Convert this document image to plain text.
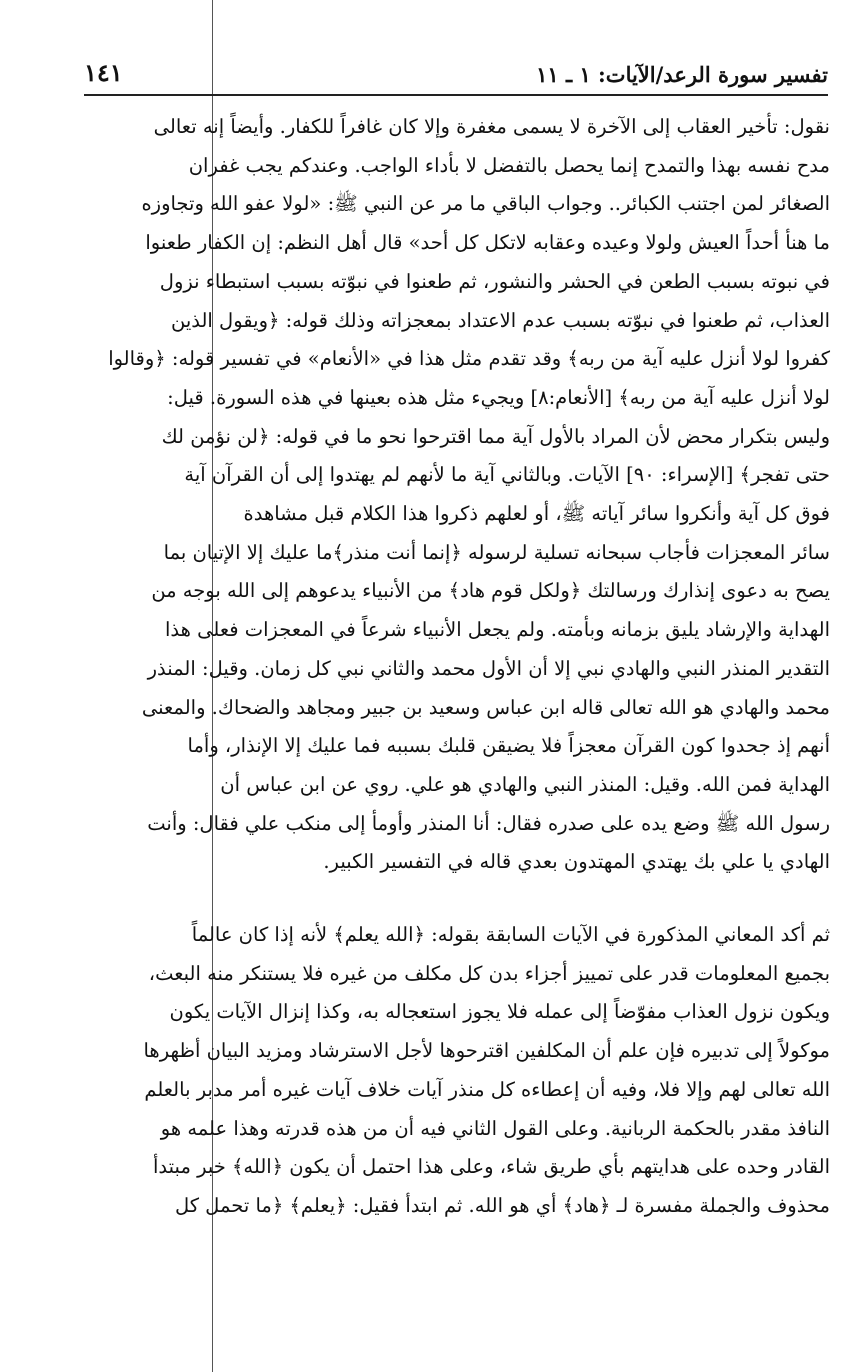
تفسير سورة الرعد/الآيات: ١ ـ ١١
١٤١

نقول: تأخير العقاب إلى الآخرة لا يسمى مغفرة وإلا كان غافراً للكفار. وأيضاً إنه تعالى
مدح نفسه بهذا والتمدح إنما يحصل بالتفضل لا بأداء الواجب. وعندكم يجب غفران
الصغائر لمن اجتنب الكبائر.. وجواب الباقي ما مر عن النبي ﷺ: «لولا عفو الله وتجاوزه
ما هنأ أحداً العيش ولولا وعيده وعقابه لاتكل كل أحد» قال أهل النظم: إن الكفار طعنوا
في نبوته بسبب الطعن في الحشر والنشور، ثم طعنوا في نبوّته بسبب استبطاء نزول
العذاب، ثم طعنوا في نبوّته بسبب عدم الاعتداد بمعجزاته وذلك قوله: ﴿ويقول الذين
كفروا لولا أنزل عليه آية من ربه﴾ وقد تقدم مثل هذا في «الأنعام» في تفسير قوله: ﴿وقالوا
لولا أنزل عليه آية من ربه﴾ [الأنعام:٨] ويجيء مثل هذه بعينها في هذه السورة. قيل:
وليس بتكرار محض لأن المراد بالأول آية مما اقترحوا نحو ما في قوله: ﴿لن نؤمن لك
حتى تفجر﴾ [الإسراء: ٩٠] الآيات. وبالثاني آية ما لأنهم لم يهتدوا إلى أن القرآن آية
فوق كل آية وأنكروا سائر آياته ﷺ، أو لعلهم ذكروا هذا الكلام قبل مشاهدة
سائر المعجزات فأجاب سبحانه تسلية لرسوله ﴿إنما أنت منذر﴾ما عليك إلا الإتيان بما
يصح به دعوى إنذارك ورسالتك ﴿ولكل قوم هاد﴾ من الأنبياء يدعوهم إلى الله بوجه من
الهداية والإرشاد يليق بزمانه وبأمته. ولم يجعل الأنبياء شرعاً في المعجزات فعلى هذا
التقدير المنذر النبي والهادي نبي إلا أن الأول محمد والثاني نبي كل زمان. وقيل: المنذر
محمد والهادي هو الله تعالى قاله ابن عباس وسعيد بن جبير ومجاهد والضحاك. والمعنى
أنهم إذ جحدوا كون القرآن معجزاً فلا يضيقن قلبك بسببه فما عليك إلا الإنذار، وأما
الهداية فمن الله. وقيل: المنذر النبي والهادي هو علي. روي عن ابن عباس أن
رسول الله ﷺ وضع يده على صدره فقال: أنا المنذر وأومأ إلى منكب علي فقال: وأنت
الهادي يا علي بك يهتدي المهتدون بعدي قاله في التفسير الكبير.

ثم أكد المعاني المذكورة في الآيات السابقة بقوله: ﴿الله يعلم﴾ لأنه إذا كان عالماً
بجميع المعلومات قدر على تمييز أجزاء بدن كل مكلف من غيره فلا يستنكر منه البعث،
ويكون نزول العذاب مفوّضاً إلى عمله فلا يجوز استعجاله به، وكذا إنزال الآيات يكون
موكولاً إلى تدبيره فإن علم أن المكلفين اقترحوها لأجل الاسترشاد ومزيد البيان أظهرها
الله تعالى لهم وإلا فلا، وفيه أن إعطاءه كل منذر آيات خلاف آيات غيره أمر مدبر بالعلم
النافذ مقدر بالحكمة الربانية. وعلى القول الثاني فيه أن من هذه قدرته وهذا علمه هو
القادر وحده على هدايتهم بأي طريق شاء، وعلى هذا احتمل أن يكون ﴿الله﴾ خبر مبتدأ
محذوف والجملة مفسرة لـ ﴿هاد﴾ أي هو الله. ثم ابتدأ فقيل: ﴿يعلم﴾ ﴿ما تحمل كل
